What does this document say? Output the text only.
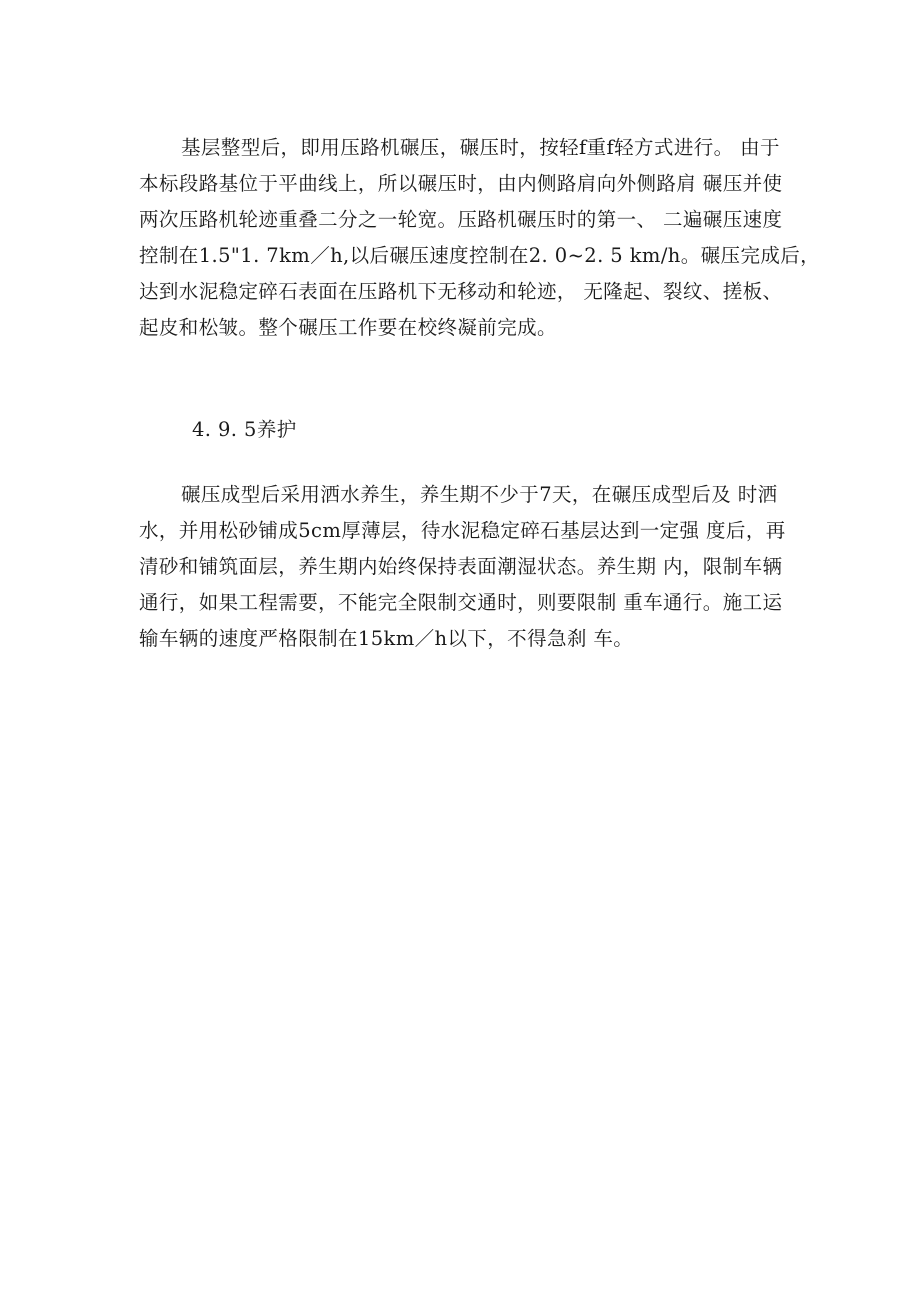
基层整型后，即用压路机碾压，碾压时，按轻f重f轻方式进行。 由于
本标段路基位于平曲线上，所以碾压时，由内侧路肩向外侧路肩 碾压并使
两次压路机轮迹重叠二分之一轮宽。压路机碾压时的第一、 二遍碾压速度
控制在1.5"1. 7km／h,以后碾压速度控制在2. 0~2. 5 km/h。碾压完成后，
达到水泥稳定碎石表面在压路机下无移动和轮迹， 无隆起、裂纹、搓板、
起皮和松皱。整个碾压工作要在校终凝前完成。
4. 9. 5养护
碾压成型后采用洒水养生，养生期不少于7天，在碾压成型后及 时洒
水，并用松砂铺成5cm厚薄层，待水泥稳定碎石基层达到一定强 度后，再
清砂和铺筑面层，养生期内始终保持表面潮湿状态。养生期 内，限制车辆
通行，如果工程需要，不能完全限制交通时，则要限制 重车通行。施工运
输车辆的速度严格限制在15km／h以下，不得急刹 车。
